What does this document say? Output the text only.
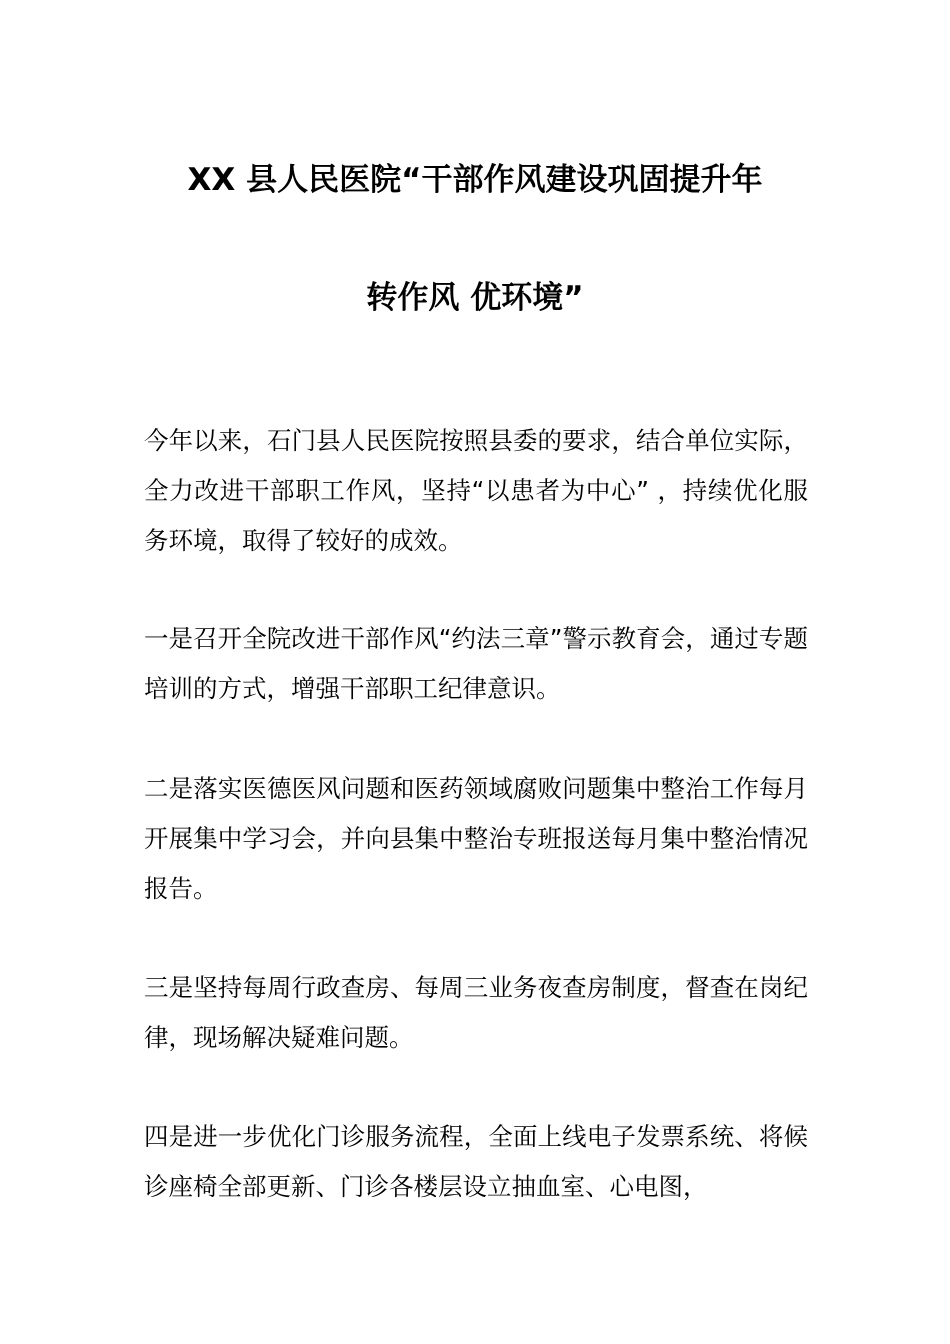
XX 县人民医院“干部作风建设巩固提升年
转作风 优环境”
今年以来，石门县人民医院按照县委的要求，结合单位实际，全力改进干部职工作风，坚持“以患者为中心” ，持续优化服务环境，取得了较好的成效。
一是召开全院改进干部作风“约法三章”警示教育会，通过专题培训的方式，增强干部职工纪律意识。
二是落实医德医风问题和医药领域腐败问题集中整治工作每月开展集中学习会，并向县集中整治专班报送每月集中整治情况报告。
三是坚持每周行政查房、每周三业务夜查房制度，督查在岗纪律，现场解决疑难问题。
四是进一步优化门诊服务流程，全面上线电子发票系统、将候诊座椅全部更新、门诊各楼层设立抽血室、心电图，
